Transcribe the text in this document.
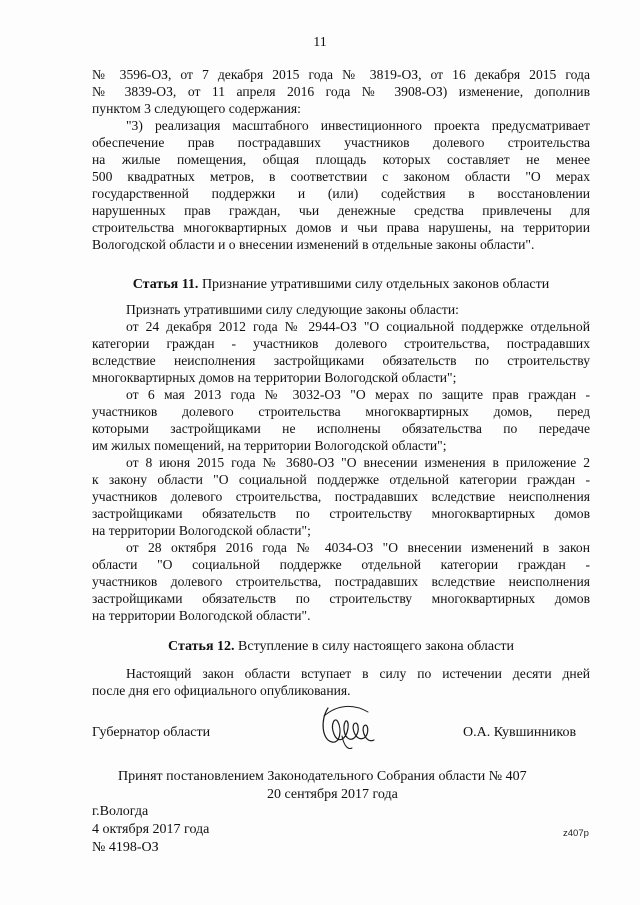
11

№ 3596-ОЗ, от 7 декабря 2015 года № 3819-ОЗ, от 16 декабря 2015 года

№ 3839-ОЗ, от 11 апреля 2016 года № 3908-ОЗ) изменение, дополнив

пунктом 3 следующего содержания:

"3) реализация масштабного инвестиционного проекта предусматривает

обеспечение прав пострадавших участников долевого строительства

на жилые помещения, общая площадь которых составляет не менее

500 квадратных метров, в соответствии с законом области "О мерах

государственной поддержки и (или) содействия в восстановлении

нарушенных прав граждан, чьи денежные средства привлечены для

строительства многоквартирных домов и чьи права нарушены, на территории

Вологодской области и о внесении изменений в отдельные законы области".

Статья 11. Признание утратившими силу отдельных законов области

Признать утратившими силу следующие законы области:

от 24 декабря 2012 года № 2944-ОЗ "О социальной поддержке отдельной

категории граждан - участников долевого строительства, пострадавших

вследствие неисполнения застройщиками обязательств по строительству

многоквартирных домов на территории Вологодской области";

от 6 мая 2013 года № 3032-ОЗ "О мерах по защите прав граждан -

участников долевого строительства многоквартирных домов, перед

которыми застройщиками не исполнены обязательства по передаче

им жилых помещений, на территории Вологодской области";

от 8 июня 2015 года № 3680-ОЗ "О внесении изменения в приложение 2

к закону области "О социальной поддержке отдельной категории граждан -

участников долевого строительства, пострадавших вследствие неисполнения

застройщиками обязательств по строительству многоквартирных домов

на территории Вологодской области";

от 28 октября 2016 года № 4034-ОЗ "О внесении изменений в закон

области "О социальной поддержке отдельной категории граждан -

участников долевого строительства, пострадавших вследствие неисполнения

застройщиками обязательств по строительству многоквартирных домов

на территории Вологодской области".

Статья 12. Вступление в силу настоящего закона области

Настоящий закон области вступает в силу по истечении десяти дней

после дня его официального опубликования.

Губернатор области	О.А. Кувшинников
Принят постановлением Законодательного Собрания области № 407
20 сентября 2017 года
г.Вологда
4 октября 2017 года
№ 4198-ОЗ
z407p
